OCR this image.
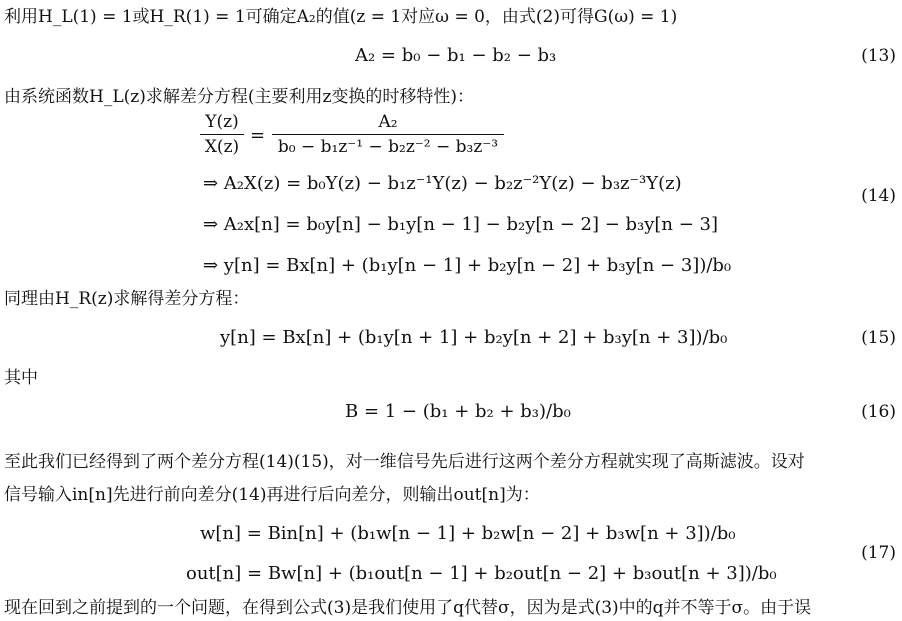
利用H_L(1) = 1或H_R(1) = 1可确定A₂的值(z = 1对应ω = 0，由式(2)可得G(ω) = 1)
A₂ = b₀ − b₁ − b₂ − b₃	(13)
由系统函数H_L(z)求解差分方程(主要利用z变换的时移特性)：
Y(z)
X(z)
=
A₂
b₀ − b₁z⁻¹ − b₂z⁻² − b₃z⁻³
⇒ A₂X(z) = b₀Y(z) − b₁z⁻¹Y(z) − b₂z⁻²Y(z) − b₃z⁻³Y(z)
(14)
⇒ A₂x[n] = b₀y[n] − b₁y[n − 1] − b₂y[n − 2] − b₃y[n − 3]
⇒ y[n] = Bx[n] + (b₁y[n − 1] + b₂y[n − 2] + b₃y[n − 3])/b₀
同理由H_R(z)求解得差分方程：
y[n] = Bx[n] + (b₁y[n + 1] + b₂y[n + 2] + b₃y[n + 3])/b₀	(15)
其中
B = 1 − (b₁ + b₂ + b₃)/b₀	(16)
至此我们已经得到了两个差分方程(14)(15)，对一维信号先后进行这两个差分方程就实现了高斯滤波。设对
信号输入in[n]先进行前向差分(14)再进行后向差分，则输出out[n]为：
w[n] = Bin[n] + (b₁w[n − 1] + b₂w[n − 2] + b₃w[n + 3])/b₀
(17)
out[n] = Bw[n] + (b₁out[n − 1] + b₂out[n − 2] + b₃out[n + 3])/b₀
现在回到之前提到的一个问题，在得到公式(3)是我们使用了q代替σ，因为是式(3)中的q并不等于σ。由于误
